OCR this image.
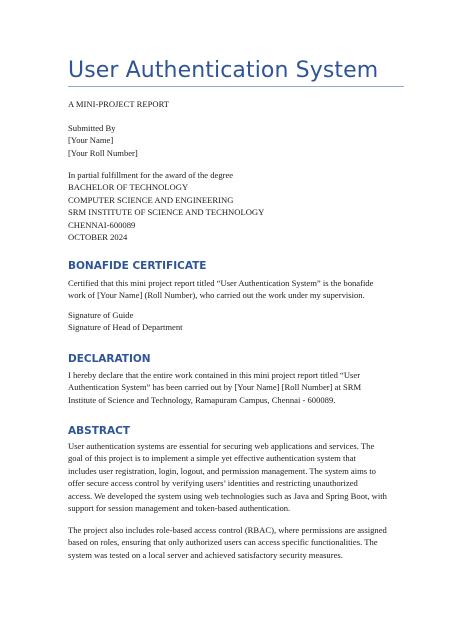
User Authentication System
A MINI-PROJECT REPORT
Submitted By
[Your Name]
[Your Roll Number]
In partial fulfillment for the award of the degree
BACHELOR OF TECHNOLOGY
COMPUTER SCIENCE AND ENGINEERING
SRM INSTITUTE OF SCIENCE AND TECHNOLOGY
CHENNAI-600089
OCTOBER 2024
BONAFIDE CERTIFICATE
Certified that this mini project report titled “User Authentication System” is the bonafide
work of [Your Name] (Roll Number), who carried out the work under my supervision.
Signature of Guide
Signature of Head of Department
DECLARATION
I hereby declare that the entire work contained in this mini project report titled “User
Authentication System” has been carried out by [Your Name] [Roll Number] at SRM
Institute of Science and Technology, Ramapuram Campus, Chennai - 600089.
ABSTRACT
User authentication systems are essential for securing web applications and services. The
goal of this project is to implement a simple yet effective authentication system that
includes user registration, login, logout, and permission management. The system aims to
offer secure access control by verifying users’ identities and restricting unauthorized
access. We developed the system using web technologies such as Java and Spring Boot, with
support for session management and token-based authentication.
The project also includes role-based access control (RBAC), where permissions are assigned
based on roles, ensuring that only authorized users can access specific functionalities. The
system was tested on a local server and achieved satisfactory security measures.
